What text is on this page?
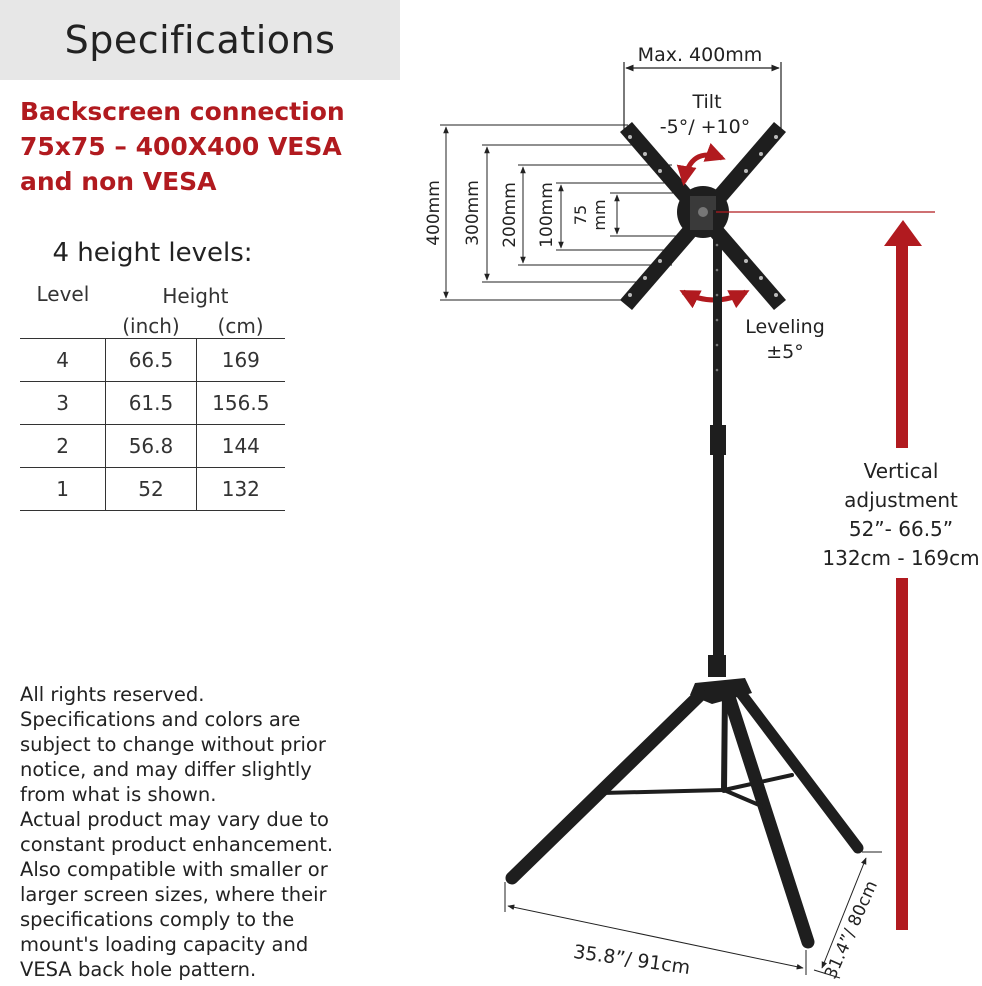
Specifications
Backscreen connection
75x75 – 400X400 VESA
and non VESA
4 height levels:
Level	Height	
	(inch)	(cm)
4	66.5	169
3	61.5	156.5
2	56.8	144
1	52	132
All rights reserved.
Specifications and colors are
subject to change without prior
notice, and may differ slightly
from what is shown.
Actual product may vary due to
constant product enhancement.
Also compatible with smaller or
larger screen sizes, where their
specifications comply to the
mount's loading capacity and
VESA back hole pattern.
Max. 400mm
Tilt
-5°/ +10°
400mm 300mm 200mm 100mm 75 mm
Leveling
±5°
Vertical
adjustment
52”- 66.5”
132cm - 169cm
35.8”/ 91cm	31.4”/ 80cm
